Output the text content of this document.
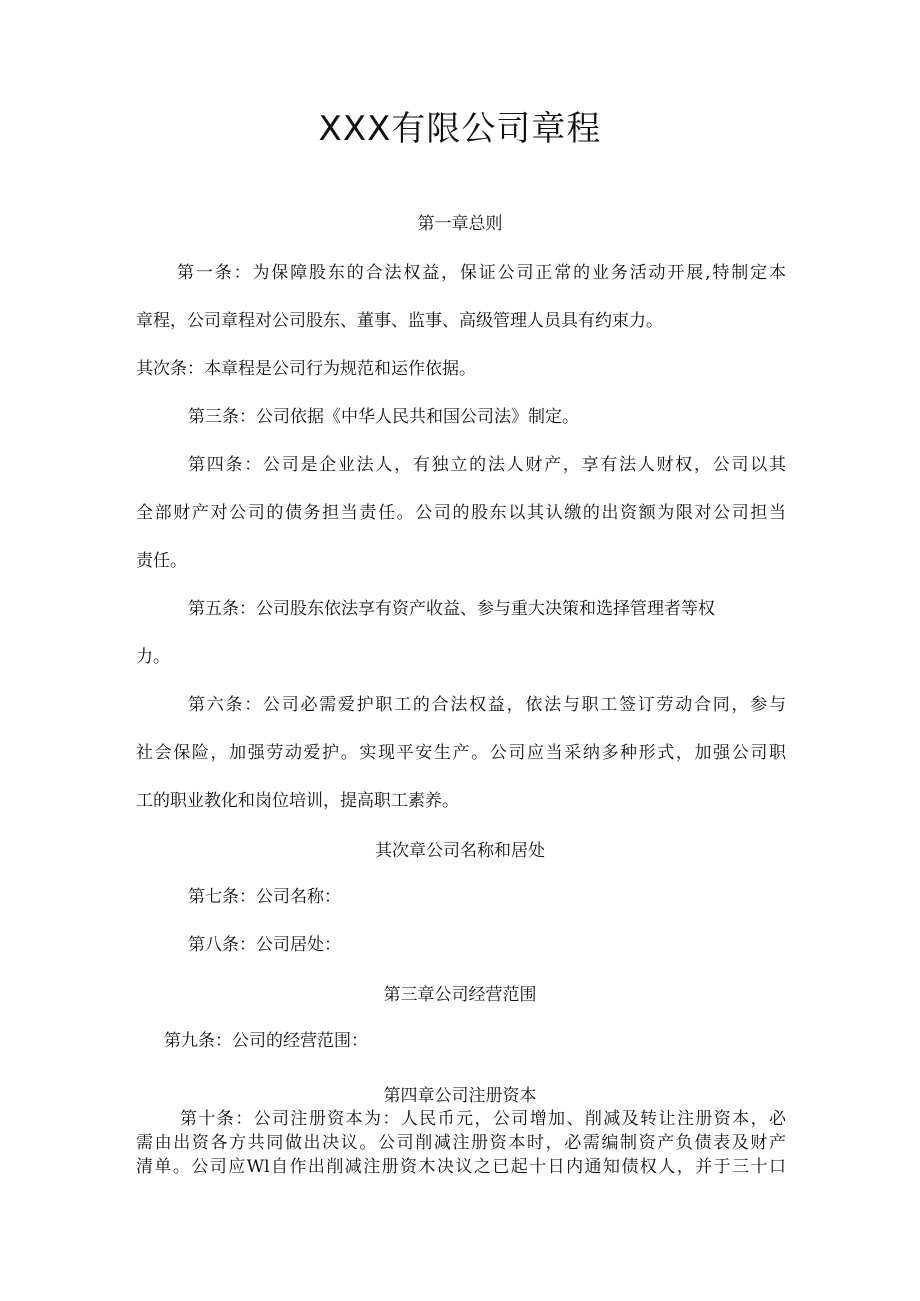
XXX有限公司章程
第一章总则
第一条：为保障股东的合法权益，保证公司正常的业务活动开展,特制定本
章程，公司章程对公司股东、董事、监事、高级管理人员具有约束力。
其次条：本章程是公司行为规范和运作依据。
第三条：公司依据《中华人民共和国公司法》制定。
第四条：公司是企业法人，有独立的法人财产，享有法人财权，公司以其
全部财产对公司的债务担当责任。公司的股东以其认缴的出资额为限对公司担当
责任。
第五条：公司股东依法享有资产收益、参与重大决策和选择管理者等权
力。
第六条：公司必需爱护职工的合法权益，依法与职工签订劳动合同，参与
社会保险，加强劳动爱护。实现平安生产。公司应当采纳多种形式，加强公司职
工的职业教化和岗位培训，提高职工素养。
其次章公司名称和居处
第七条：公司名称：
第八条：公司居处：
第三章公司经营范围
第九条：公司的经营范围：
第四章公司注册资本
第十条：公司注册资本为：人民币元，公司增加、削减及转让注册资本，必
需由出资各方共同做出决议。公司削减注册资本时，必需编制资产负债表及财产
清单。公司应Wl自作出削减注册资木决议之已起十日内通知债权人，并于三十口
